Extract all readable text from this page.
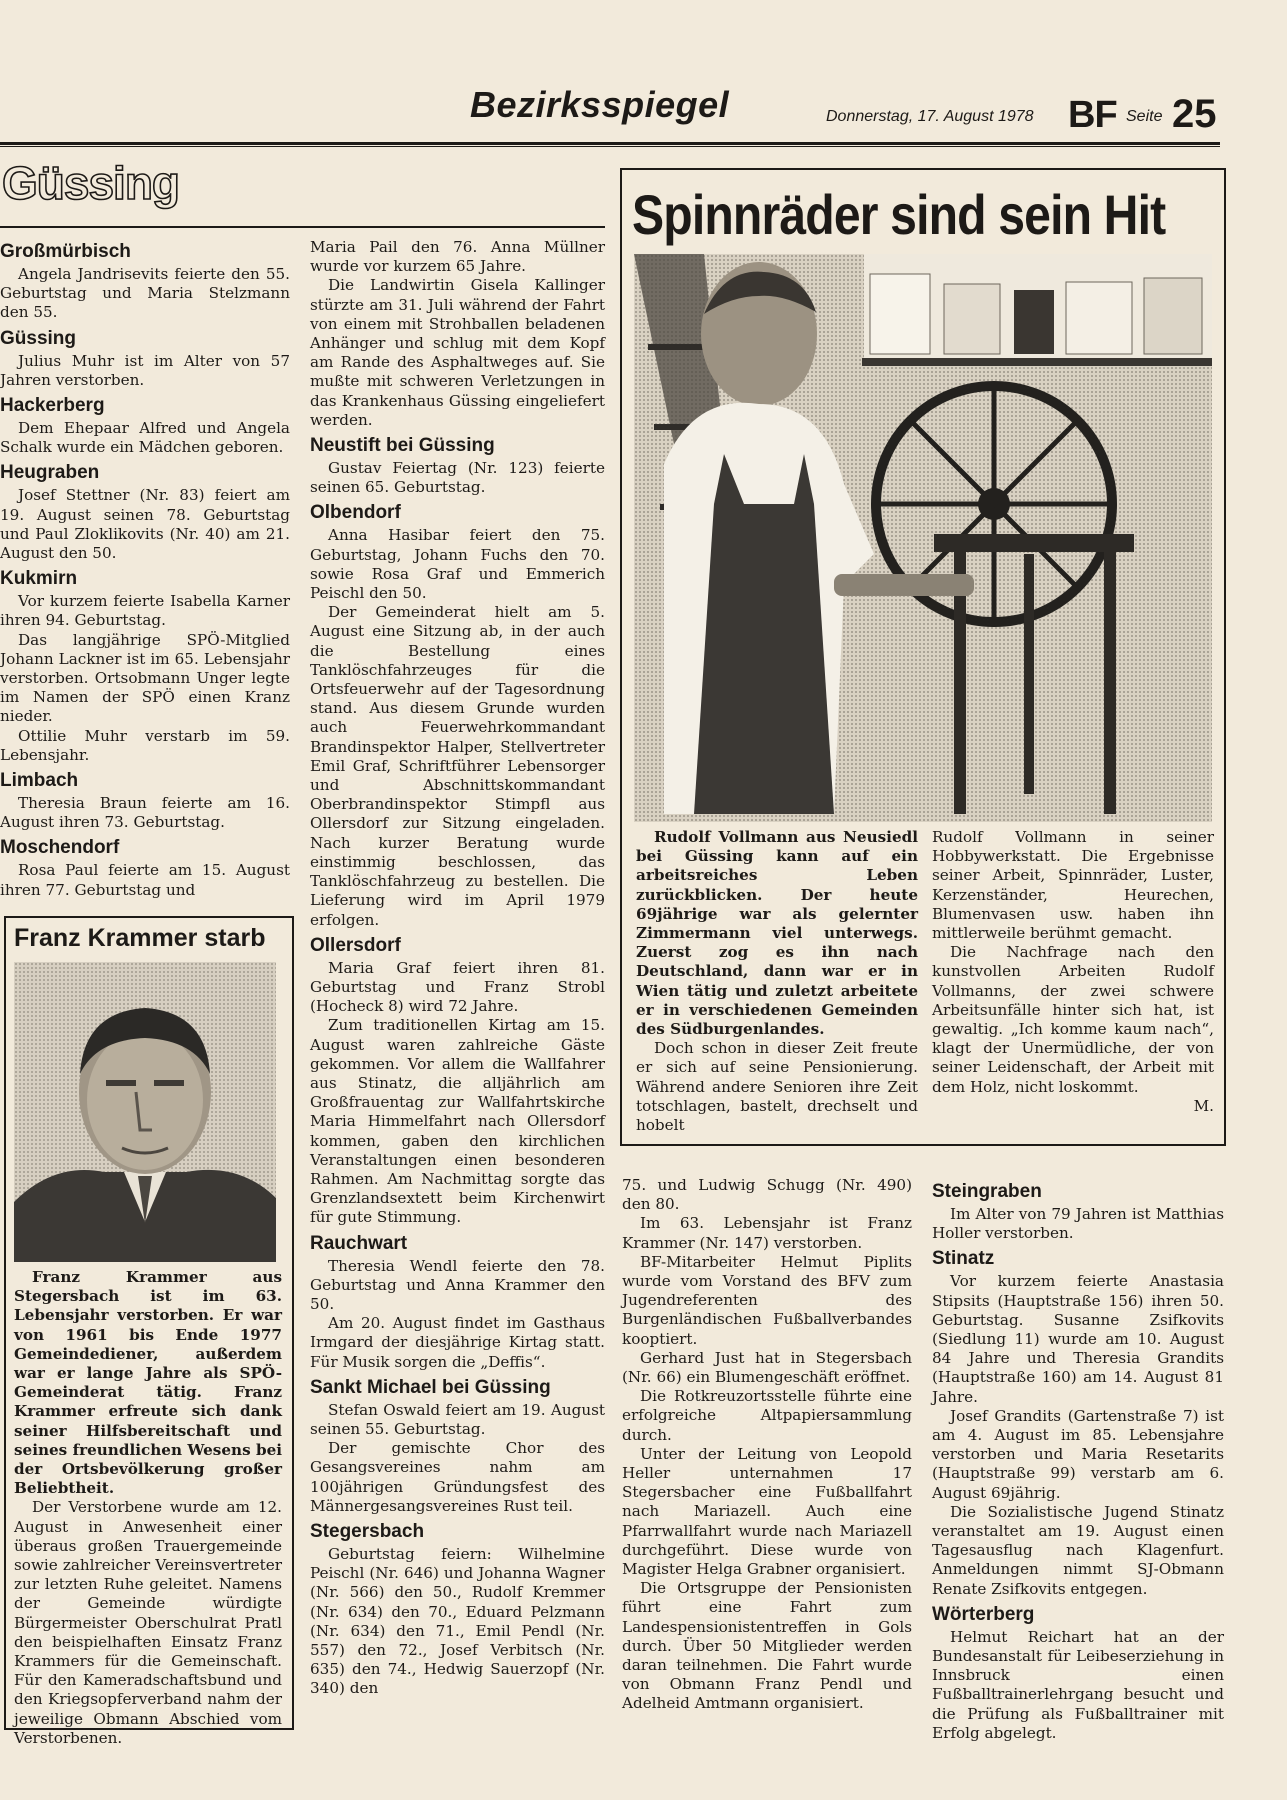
Bezirksspiegel	Donnerstag, 17. August 1978 BF Seite 25
Güssing
Großmürbisch

Angela Jandrisevits feierte den 55. Geburtstag und Maria Stelzmann den 55.

Güssing

Julius Muhr ist im Alter von 57 Jahren verstorben.

Hackerberg

Dem Ehepaar Alfred und Angela Schalk wurde ein Mädchen geboren.

Heugraben

Josef Stettner (Nr. 83) feiert am 19. August seinen 78. Geburtstag und Paul Zloklikovits (Nr. 40) am 21. August den 50.

Kukmirn

Vor kurzem feierte Isabella Karner ihren 94. Geburtstag.

Das langjährige SPÖ-Mitglied Johann Lackner ist im 65. Lebensjahr verstorben. Ortsobmann Unger legte im Namen der SPÖ einen Kranz nieder.

Ottilie Muhr verstarb im 59. Lebensjahr.

Limbach

Theresia Braun feierte am 16. August ihren 73. Geburtstag.

Moschendorf

Rosa Paul feierte am 15. August ihren 77. Geburtstag und

Franz Krammer starb

Franz Krammer aus Stegersbach ist im 63. Lebensjahr verstorben. Er war von 1961 bis Ende 1977 Gemeindediener, außerdem war er lange Jahre als SPÖ-Gemeinderat tätig. Franz Krammer erfreute sich dank seiner Hilfsbereitschaft und seines freundlichen Wesens bei der Ortsbevölkerung großer Beliebtheit.

Der Verstorbene wurde am 12. August in Anwesenheit einer überaus großen Trauergemeinde sowie zahlreicher Vereinsvertreter zur letzten Ruhe geleitet. Namens der Gemeinde würdigte Bürgermeister Oberschulrat Pratl den beispielhaften Einsatz Franz Krammers für die Gemeinschaft. Für den Kameradschaftsbund und den Kriegsopferverband nahm der jeweilige Obmann Abschied vom Verstorbenen.

Maria Pail den 76. Anna Müllner wurde vor kurzem 65 Jahre.

Die Landwirtin Gisela Kallinger stürzte am 31. Juli während der Fahrt von einem mit Strohballen beladenen Anhänger und schlug mit dem Kopf am Rande des Asphaltweges auf. Sie mußte mit schweren Verletzungen in das Krankenhaus Güssing eingeliefert werden.

Neustift bei Güssing

Gustav Feiertag (Nr. 123) feierte seinen 65. Geburtstag.

Olbendorf

Anna Hasibar feiert den 75. Geburtstag, Johann Fuchs den 70. sowie Rosa Graf und Emmerich Peischl den 50.

Der Gemeinderat hielt am 5. August eine Sitzung ab, in der auch die Bestellung eines Tanklöschfahrzeuges für die Ortsfeuerwehr auf der Tagesordnung stand. Aus diesem Grunde wurden auch Feuerwehrkommandant Brandinspektor Halper, Stellvertreter Emil Graf, Schriftführer Lebensorger und Abschnittskommandant Oberbrandinspektor Stimpfl aus Ollersdorf zur Sitzung eingeladen. Nach kurzer Beratung wurde einstimmig beschlossen, das Tanklöschfahrzeug zu bestellen. Die Lieferung wird im April 1979 erfolgen.

Ollersdorf

Maria Graf feiert ihren 81. Geburtstag und Franz Strobl (Hocheck 8) wird 72 Jahre.

Zum traditionellen Kirtag am 15. August waren zahlreiche Gäste gekommen. Vor allem die Wallfahrer aus Stinatz, die alljährlich am Großfrauentag zur Wallfahrtskirche Maria Himmelfahrt nach Ollersdorf kommen, gaben den kirchlichen Veranstaltungen einen besonderen Rahmen. Am Nachmittag sorgte das Grenzlandsextett beim Kirchenwirt für gute Stimmung.

Rauchwart

Theresia Wendl feierte den 78. Geburtstag und Anna Krammer den 50.

Am 20. August findet im Gasthaus Irmgard der diesjährige Kirtag statt. Für Musik sorgen die „Deffis“.

Sankt Michael bei Güssing

Stefan Oswald feiert am 19. August seinen 55. Geburtstag.

Der gemischte Chor des Gesangsvereines nahm am 100jährigen Gründungsfest des Männergesangsvereines Rust teil.

Stegersbach

Geburtstag feiern: Wilhelmine Peischl (Nr. 646) und Johanna Wagner (Nr. 566) den 50., Rudolf Kremmer (Nr. 634) den 70., Eduard Pelzmann (Nr. 634) den 71., Emil Pendl (Nr. 557) den 72., Josef Verbitsch (Nr. 635) den 74., Hedwig Sauerzopf (Nr. 340) den

Spinnräder sind sein Hit

Rudolf Vollmann aus Neusiedl bei Güssing kann auf ein arbeitsreiches Leben zurückblicken. Der heute 69jährige war als gelernter Zimmermann viel unterwegs. Zuerst zog es ihn nach Deutschland, dann war er in Wien tätig und zuletzt arbeitete er in verschiedenen Gemeinden des Südburgenlandes.

Doch schon in dieser Zeit freute er sich auf seine Pensionierung. Während andere Senioren ihre Zeit totschlagen, bastelt, drechselt und hobelt

Rudolf Vollmann in seiner Hobbywerkstatt. Die Ergebnisse seiner Arbeit, Spinnräder, Luster, Kerzenständer, Heurechen, Blumenvasen usw. haben ihn mittlerweile berühmt gemacht.

Die Nachfrage nach den kunstvollen Arbeiten Rudolf Vollmanns, der zwei schwere Arbeitsunfälle hinter sich hat, ist gewaltig. „Ich komme kaum nach“, klagt der Unermüdliche, der von seiner Leidenschaft, der Arbeit mit dem Holz, nicht loskommt.

M.

75. und Ludwig Schugg (Nr. 490) den 80.

Im 63. Lebensjahr ist Franz Krammer (Nr. 147) verstorben.

BF-Mitarbeiter Helmut Piplits wurde vom Vorstand des BFV zum Jugendreferenten des Burgenländischen Fußballverbandes kooptiert.

Gerhard Just hat in Stegersbach (Nr. 66) ein Blumengeschäft eröffnet.

Die Rotkreuzortsstelle führte eine erfolgreiche Altpapiersammlung durch.

Unter der Leitung von Leopold Heller unternahmen 17 Stegersbacher eine Fußballfahrt nach Mariazell. Auch eine Pfarrwallfahrt wurde nach Mariazell durchgeführt. Diese wurde von Magister Helga Grabner organisiert.

Die Ortsgruppe der Pensionisten führt eine Fahrt zum Landespensionistentreffen in Gols durch. Über 50 Mitglieder werden daran teilnehmen. Die Fahrt wurde von Obmann Franz Pendl und Adelheid Amtmann organisiert.

Steingraben

Im Alter von 79 Jahren ist Matthias Holler verstorben.

Stinatz

Vor kurzem feierte Anastasia Stipsits (Hauptstraße 156) ihren 50. Geburtstag. Susanne Zsifkovits (Siedlung 11) wurde am 10. August 84 Jahre und Theresia Grandits (Hauptstraße 160) am 14. August 81 Jahre.

Josef Grandits (Gartenstraße 7) ist am 4. August im 85. Lebensjahre verstorben und Maria Resetarits (Hauptstraße 99) verstarb am 6. August 69jährig.

Die Sozialistische Jugend Stinatz veranstaltet am 19. August einen Tagesausflug nach Klagenfurt. Anmeldungen nimmt SJ-Obmann Renate Zsifkovits entgegen.

Wörterberg

Helmut Reichart hat an der Bundesanstalt für Leibeserziehung in Innsbruck einen Fußballtrainerlehrgang besucht und die Prüfung als Fußballtrainer mit Erfolg abgelegt.
